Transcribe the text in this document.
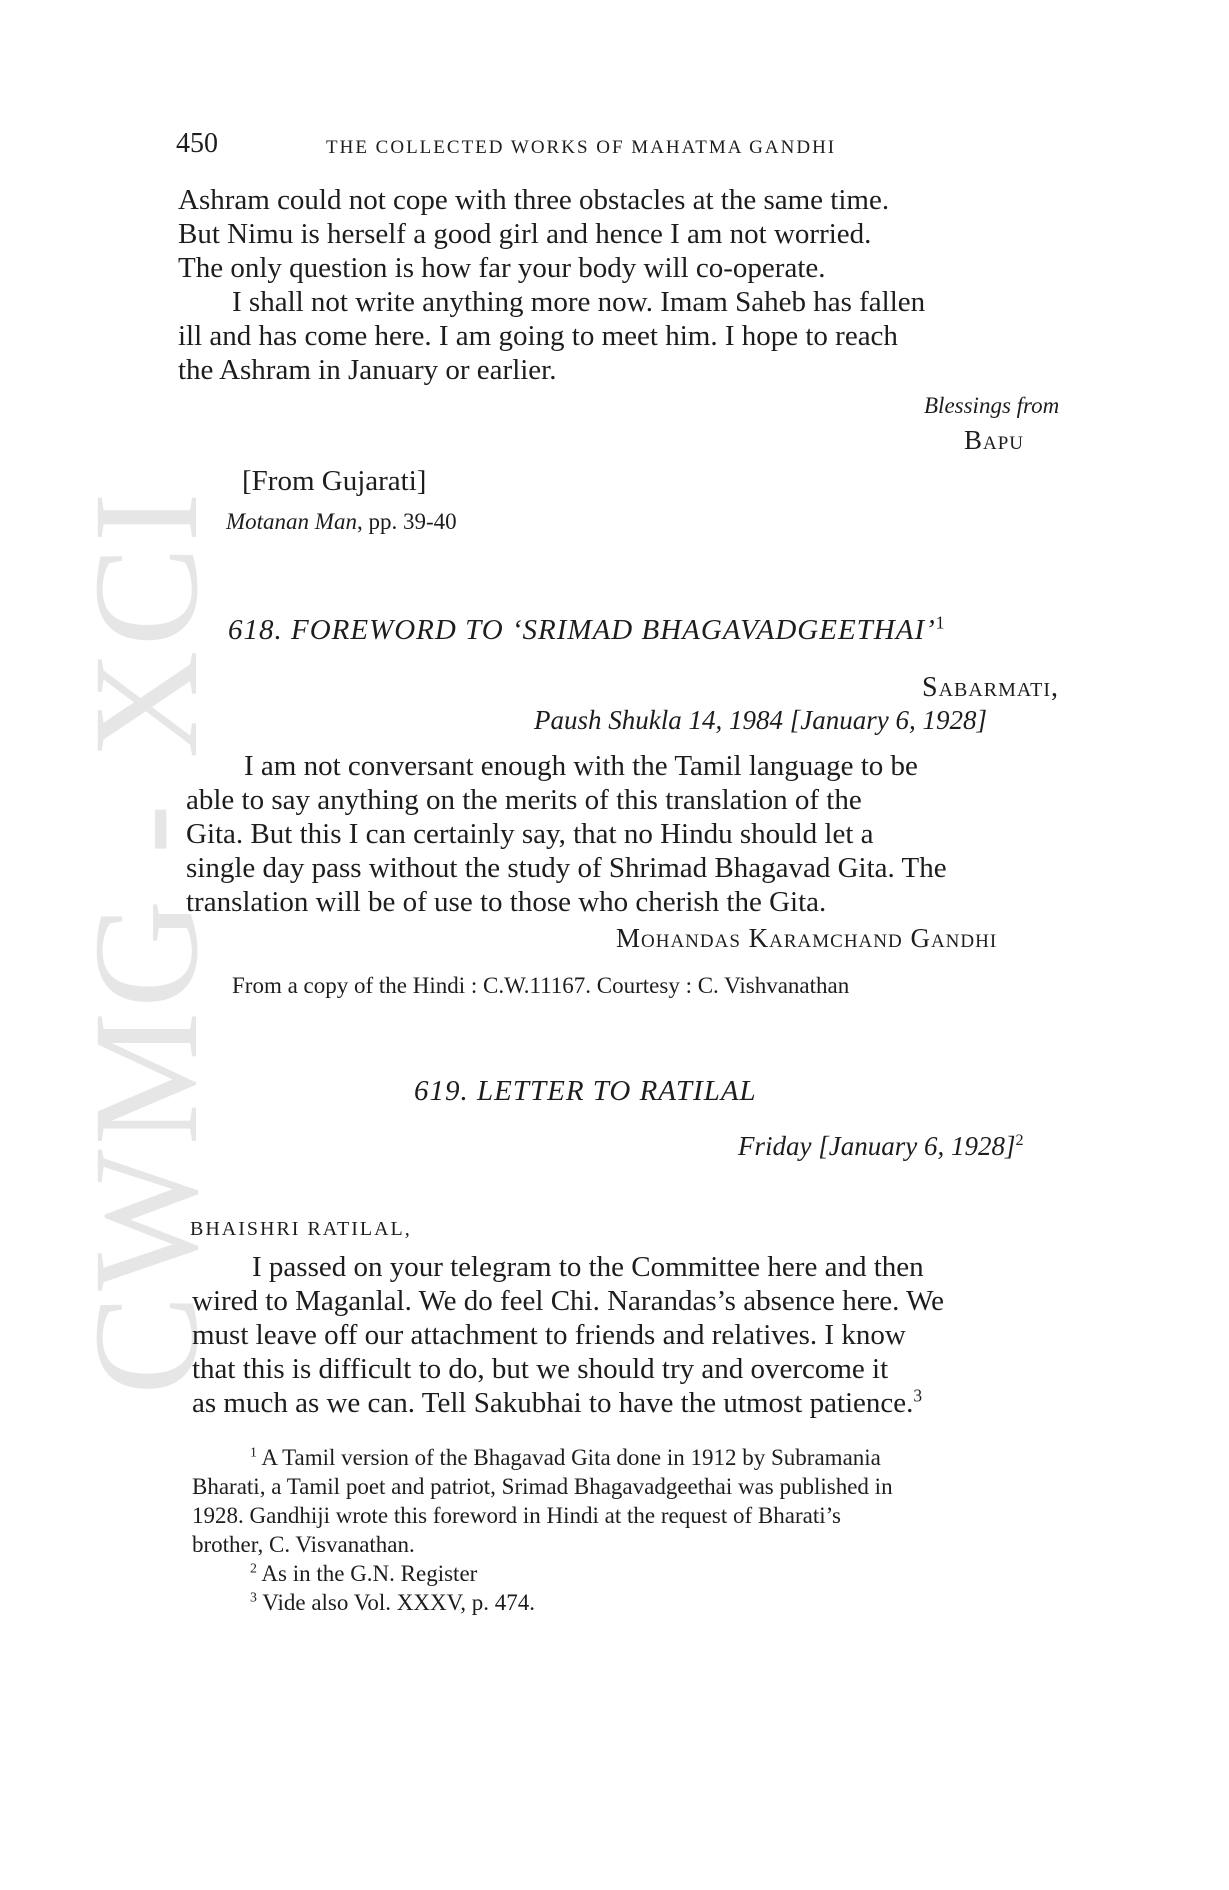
CWMG - XCI
450	THE COLLECTED WORKS OF MAHATMA GANDHI
Ashram could not cope with three obstacles at the same time.
But Nimu is herself a good girl and hence I am not worried.
The only question is how far your body will co-operate.
I shall not write anything more now. Imam Saheb has fallen
ill and has come here. I am going to meet him. I hope to reach
the Ashram in January or earlier.
Blessings from
Bapu
[From Gujarati]
Motanan Man, pp. 39-40
618. FOREWORD TO ‘SRIMAD BHAGAVADGEETHAI’$^1$
Sabarmati,
Paush Shukla 14, 1984 [January 6, 1928]
I am not conversant enough with the Tamil language to be
able to say anything on the merits of this translation of the
Gita. But this I can certainly say, that no Hindu should let a
single day pass without the study of Shrimad Bhagavad Gita. The
translation will be of use to those who cherish the Gita.
Mohandas Karamchand Gandhi
From a copy of the Hindi : C.W.11167. Courtesy : C. Vishvanathan
619. LETTER TO RATILAL
Friday [January 6, 1928]$^2$
BHAISHRI RATILAL,
I passed on your telegram to the Committee here and then
wired to Maganlal. We do feel Chi. Narandas’s absence here. We
must leave off our attachment to friends and relatives. I know
that this is difficult to do, but we should try and overcome it
as much as we can. Tell Sakubhai to have the utmost patience.$^3$
$^1$ A Tamil version of the Bhagavad Gita done in 1912 by Subramania
Bharati, a Tamil poet and patriot, Srimad Bhagavadgeethai was published in
1928. Gandhiji wrote this foreword in Hindi at the request of Bharati’s
brother, C. Visvanathan.
$^2$ As in the G.N. Register
$^3$ Vide also Vol. XXXV, p. 474.
